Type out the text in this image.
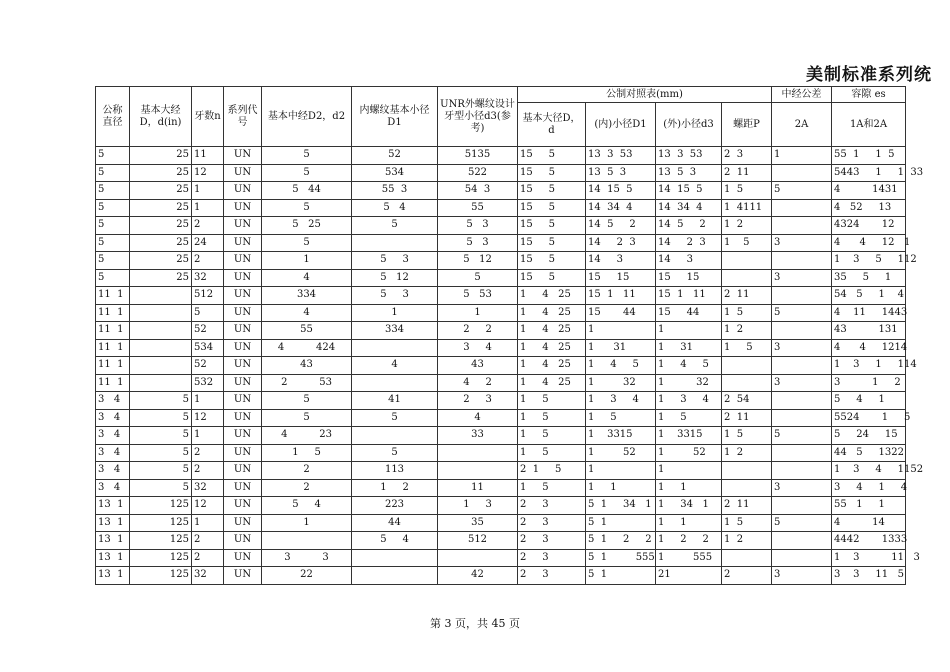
美制标准系列统
公称直径	基本大经D，d(in)	牙数n	系列代号	基本中经D2，d2	内螺纹基本小径D1	UNR外螺纹设计牙型小径d3(参考)	公制对照表(mm)				中经公差	容隙 es
							基本大径D，d	(内)小径D1	(外)小径d3	螺距P	2A	1A和2A
5	25	11	UN	5	52	5135	15     5	13  3  53	13  3  53	2  3	1	55  1     1  5
5	25	12	UN	5	534	522	15     5	13  5  3	13  5  3	2  11		5443     1     1  33
5	25	1	UN	5   44	55  3	54  3	15     5	14  15  5	14  15  5	1  5	5	4          1431
5	25	1	UN	5	5   4	55	15     5	14  34  4	14  34  4	1  4111		4   52     13
5	25	2	UN	5   25	5	5   3	15     5	14  5     2	14  5     2	1  2		4324       12
5	25	24	UN	5		5   3	15     5	14     2  3	14     2  3	1    5	3	4      4     12   1
5	25	2	UN	1	5     3	5   12	15     5	14     3	14     3			1    3     5     112
5	25	32	UN	4	5   12	5	15     5	15     15	15     15		3	35     5     1
11  1		512	UN	334	5     3	5   53	1     4   25	15  1   11	15  1   11	2  11		54   5     1    4
11  1		5	UN	4	1	1	1     4   25	15       44	15     44	1  5	5	4    11     1443
11  1		52	UN	55	334	2     2	1     4   25	1	1	1  2		43          131
11  1		534	UN	4          424		3     4	1     4   25	1      31	1     31	1     5	3	4      4     1214
11  1		52	UN	43	4	43	1     4   25	1     4     5	1     4     5			1    3     1     114
11  1		532	UN	2          53		4     2	1     4   25	1         32	1          32		3	3          1     2
3   4	5	1	UN	5	41	2     3	1     5	1     3     4	1     3     4	2  54		5     4     1
3   4	5	12	UN	5	5	4	1     5	1     5	1     5	2  11		5524       1     5
3   4	5	1	UN	4          23		33	1     5	1    3315	1    3315	1  5	5	5     24     15
3   4	5	2	UN	1     5	5		1     5	1         52	1         52	1  2		44   5     1322
3   4	5	2	UN	2	113		2  1     5	1	1			1    3     4     1152
3   4	5	32	UN	2	1     2	11	1     5	1     1	1     1		3	3     4     1     4
13  1	125	12	UN	5     4	223	1     3	2     3	5  1     34   1	1     34   1	2  11		55   1     1
13  1	125	1	UN	1	44	35	2     3	5  1	1     1	1  5	5	4          14
13  1	125	2	UN		5     4	512	2     3	5  1     2     2	1     2     2	1  2		4442       1333
13  1	125	2	UN	3          3			2     3	5  1         555	1         555			1    3          11   3
13  1	125	32	UN	22		42	2     3	5  1	21	2	3	3    3     11   5
第 3 页，共 45 页
